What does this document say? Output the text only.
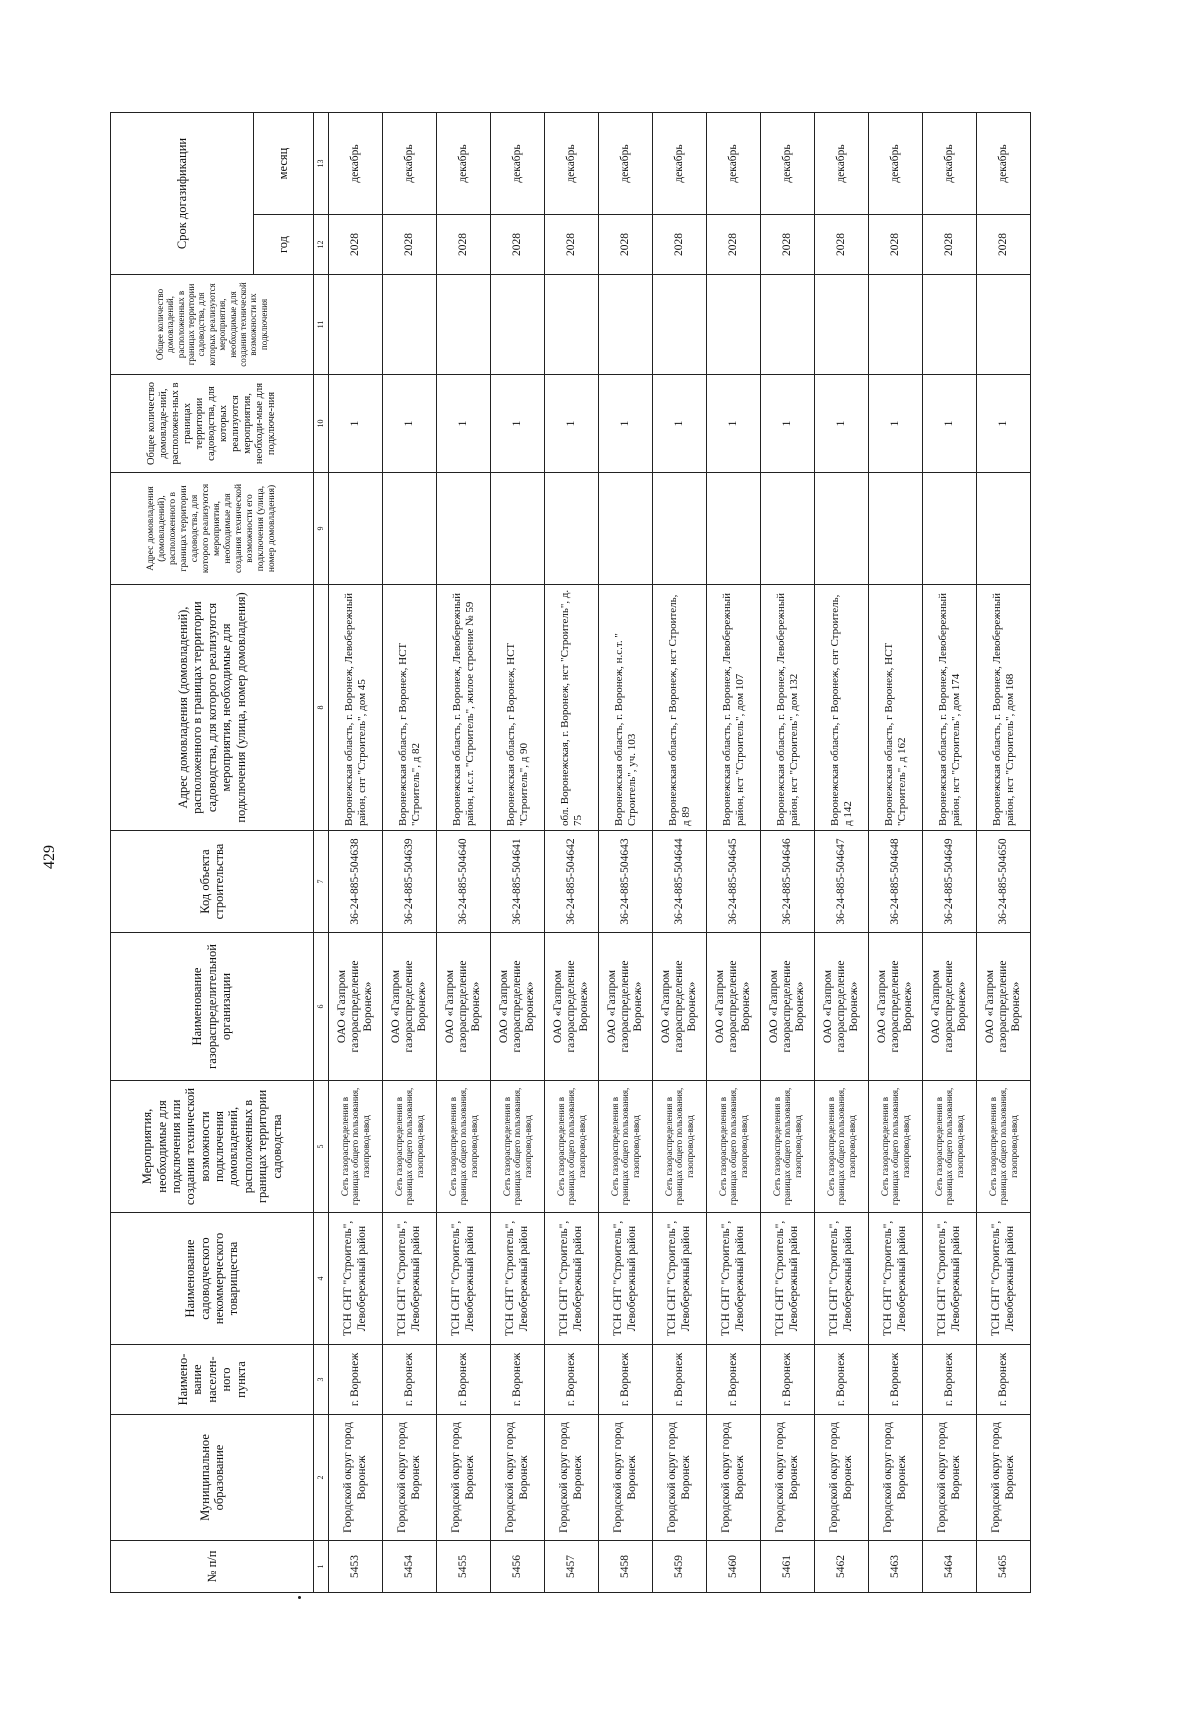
429
№ п/п	Муниципальное образование	Наимено-вание населен-ного пункта	Наименование садоводческого некоммерческого товарищества	Мероприятия, необходимые для подключения или создания технической возможности подключения домовладений, расположенных в границах территории садоводства	Наименование газораспределительной организации	Код объекта строительства	Адрес домовладения (домовладений), расположенного в границах территории садоводства, для которого реализуются мероприятия, необходимые для подключения (улица, номер домовладения)	Адрес домовладения (домовладений), расположенного в границах территории садоводства, для которого реализуются мероприятия, необходимые для создания технической возможности его подключения (улица, номер домовладения)	Общее количество домовладе-ний, расположен-ных в границах территории садоводства, для которых реализуются мероприятия, необходи-мые для подключе-ния	Общее количество домовладений, расположенных в границах территории садоводства, для которых реализуются мероприятия, необходимые для создания технической возможности их подключения	Срок догазификации	
											год	месяц
1	2	3	4	5	6	7	8	9	10	11	12	13
5453	Городской округ город Воронеж	г. Воронеж	ТСН СНТ "Строитель", Левобережный район	Сеть газораспределения в границах общего пользования, газопровод-ввод	ОАО «Газпром газораспределение Воронеж»	36-24-885-504638	Воронежская область, г. Воронеж, Левобережный район, снт "Строитель", дом 45		1		2028	декабрь
5454	Городской округ город Воронеж	г. Воронеж	ТСН СНТ "Строитель", Левобережный район	Сеть газораспределения в границах общего пользования, газопровод-ввод	ОАО «Газпром газораспределение Воронеж»	36-24-885-504639	Воронежская область, г Воронеж, НСТ "Строитель", д 82		1		2028	декабрь
5455	Городской округ город Воронеж	г. Воронеж	ТСН СНТ "Строитель", Левобережный район	Сеть газораспределения в границах общего пользования, газопровод-ввод	ОАО «Газпром газораспределение Воронеж»	36-24-885-504640	Воронежская область, г. Воронеж, Левобережный район, н.с.т. "Строитель", жилое строение № 59		1		2028	декабрь
5456	Городской округ город Воронеж	г. Воронеж	ТСН СНТ "Строитель", Левобережный район	Сеть газораспределения в границах общего пользования, газопровод-ввод	ОАО «Газпром газораспределение Воронеж»	36-24-885-504641	Воронежская область, г Воронеж, НСТ "Строитель", д 90		1		2028	декабрь
5457	Городской округ город Воронеж	г. Воронеж	ТСН СНТ "Строитель", Левобережный район	Сеть газораспределения в границах общего пользования, газопровод-ввод	ОАО «Газпром газораспределение Воронеж»	36-24-885-504642	обл. Воронежская, г. Воронеж, нст "Строитель", д. 75		1		2028	декабрь
5458	Городской округ город Воронеж	г. Воронеж	ТСН СНТ "Строитель", Левобережный район	Сеть газораспределения в границах общего пользования, газопровод-ввод	ОАО «Газпром газораспределение Воронеж»	36-24-885-504643	Воронежская область, г. Воронеж, н.с.т. " Строитель", уч. 103		1		2028	декабрь
5459	Городской округ город Воронеж	г. Воронеж	ТСН СНТ "Строитель", Левобережный район	Сеть газораспределения в границах общего пользования, газопровод-ввод	ОАО «Газпром газораспределение Воронеж»	36-24-885-504644	Воронежская область, г Воронеж, нст Строитель, д 89		1		2028	декабрь
5460	Городской округ город Воронеж	г. Воронеж	ТСН СНТ "Строитель", Левобережный район	Сеть газораспределения в границах общего пользования, газопровод-ввод	ОАО «Газпром газораспределение Воронеж»	36-24-885-504645	Воронежская область, г. Воронеж, Левобережный район, нст "Строитель", дом 107		1		2028	декабрь
5461	Городской округ город Воронеж	г. Воронеж	ТСН СНТ "Строитель", Левобережный район	Сеть газораспределения в границах общего пользования, газопровод-ввод	ОАО «Газпром газораспределение Воронеж»	36-24-885-504646	Воронежская область, г. Воронеж, Левобережный район, нст "Строитель", дом 132		1		2028	декабрь
5462	Городской округ город Воронеж	г. Воронеж	ТСН СНТ "Строитель", Левобережный район	Сеть газораспределения в границах общего пользования, газопровод-ввод	ОАО «Газпром газораспределение Воронеж»	36-24-885-504647	Воронежская область, г Воронеж, снт Строитель, д 142		1		2028	декабрь
5463	Городской округ город Воронеж	г. Воронеж	ТСН СНТ "Строитель", Левобережный район	Сеть газораспределения в границах общего пользования, газопровод-ввод	ОАО «Газпром газораспределение Воронеж»	36-24-885-504648	Воронежская область, г Воронеж, НСТ "Строитель", д 162		1		2028	декабрь
5464	Городской округ город Воронеж	г. Воронеж	ТСН СНТ "Строитель", Левобережный район	Сеть газораспределения в границах общего пользования, газопровод-ввод	ОАО «Газпром газораспределение Воронеж»	36-24-885-504649	Воронежская область, г. Воронеж, Левобережный район, нст "Строитель", дом 174		1		2028	декабрь
5465	Городской округ город Воронеж	г. Воронеж	ТСН СНТ "Строитель", Левобережный район	Сеть газораспределения в границах общего пользования, газопровод-ввод	ОАО «Газпром газораспределение Воронеж»	36-24-885-504650	Воронежская область, г. Воронеж, Левобережный район, нст "Строитель", дом 168		1		2028	декабрь
